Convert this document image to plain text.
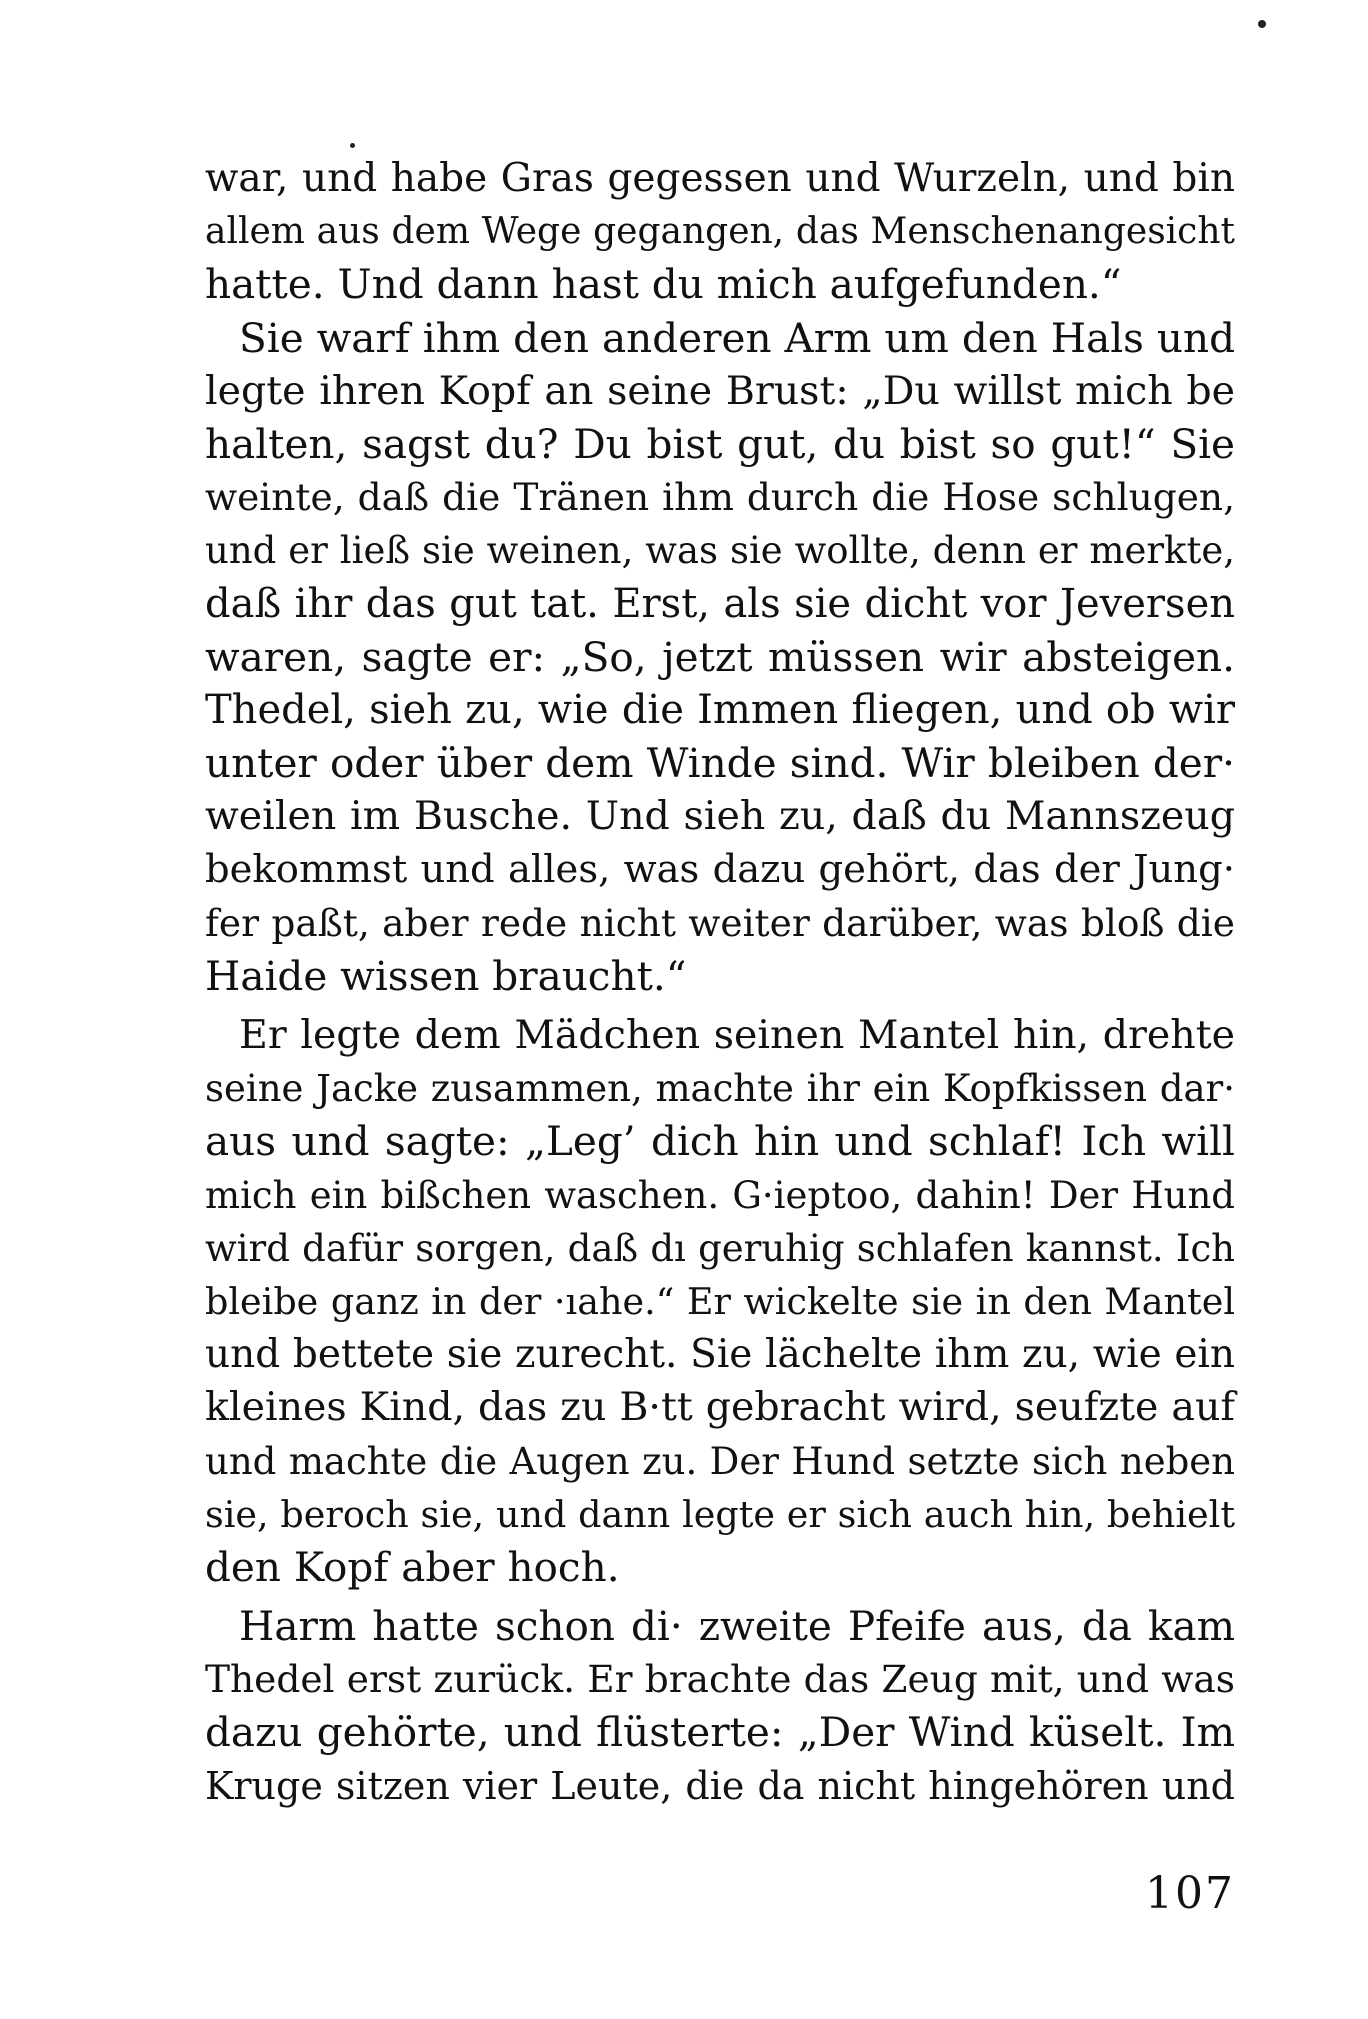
war, und habe Gras gegessen und Wurzeln, und bin
allem aus dem Wege gegangen, das Menschenangesicht
hatte. Und dann hast du mich aufgefunden.“
Sie warf ihm den anderen Arm um den Hals und
legte ihren Kopf an seine Brust: „Du willst mich be
halten, sagst du? Du bist gut, du bist so gut!“ Sie
weinte, daß die Tränen ihm durch die Hose schlugen,
und er ließ sie weinen, was sie wollte, denn er merkte,
daß ihr das gut tat. Erst, als sie dicht vor Jeversen
waren, sagte er: „So, jetzt müssen wir absteigen.
Thedel, sieh zu, wie die Immen fliegen, und ob wir
unter oder über dem Winde sind. Wir bleiben der·
weilen im Busche. Und sieh zu, daß du Mannszeug
bekommst und alles, was dazu gehört, das der Jung·
fer paßt, aber rede nicht weiter darüber, was bloß die
Haide wissen braucht.“
Er legte dem Mädchen seinen Mantel hin, drehte
seine Jacke zusammen, machte ihr ein Kopfkissen dar·
aus und sagte: „Leg’ dich hin und schlaf! Ich will
mich ein bißchen waschen. G·ieptoo, dahin! Der Hund
wird dafür sorgen, daß dı geruhig schlafen kannst. Ich
bleibe ganz in der ·ıahe.“ Er wickelte sie in den Mantel
und bettete sie zurecht. Sie lächelte ihm zu, wie ein
kleines Kind, das zu B·tt gebracht wird, seufzte auf
und machte die Augen zu. Der Hund setzte sich neben
sie, beroch sie, und dann legte er sich auch hin, behielt
den Kopf aber hoch.
Harm hatte schon di· zweite Pfeife aus, da kam
Thedel erst zurück. Er brachte das Zeug mit, und was
dazu gehörte, und flüsterte: „Der Wind küselt. Im
Kruge sitzen vier Leute, die da nicht hingehören und
107
